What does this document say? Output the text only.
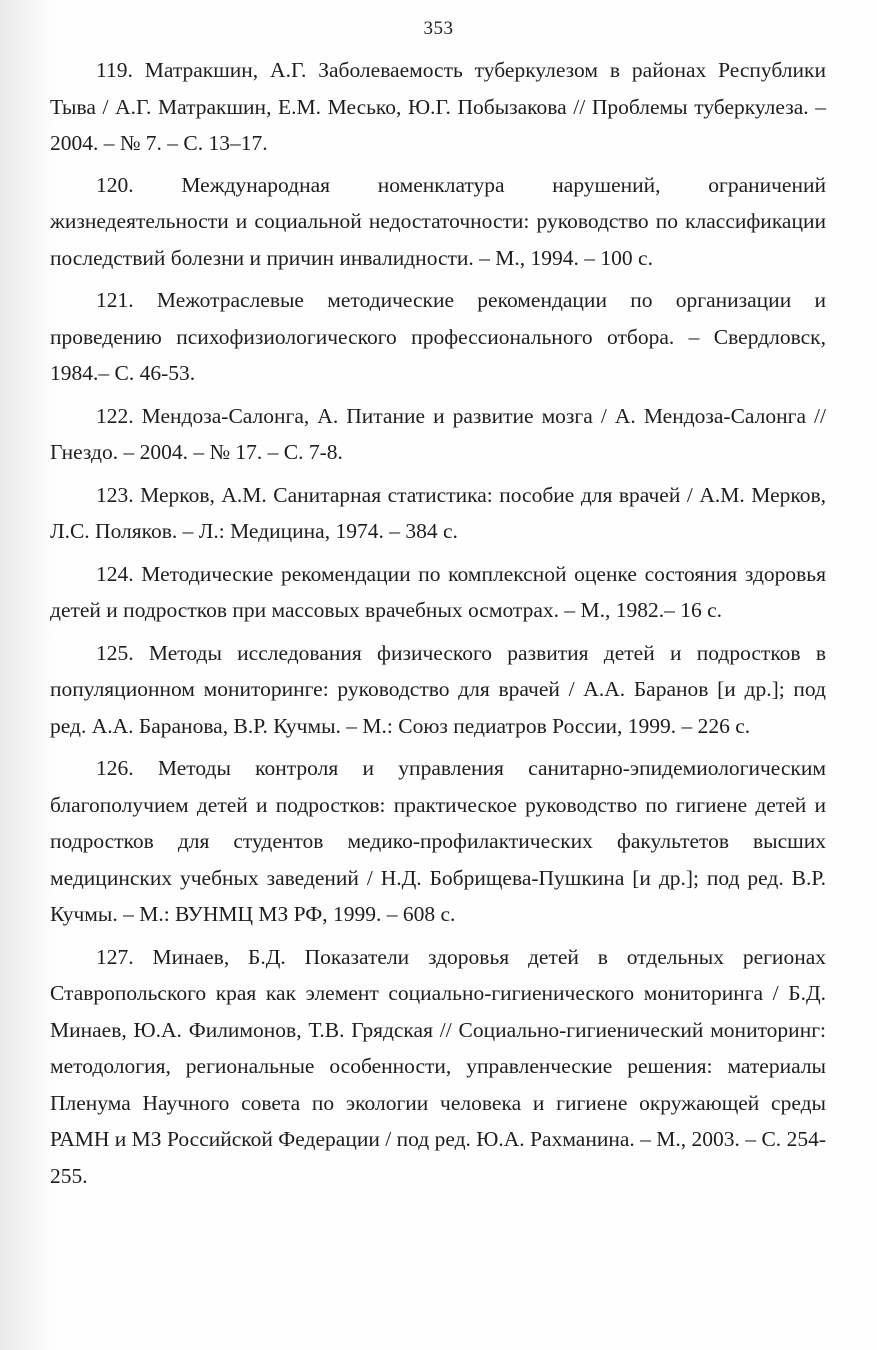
353

119. Матракшин, А.Г. Заболеваемость туберкулезом в районах Республики Тыва / А.Г. Матракшин, Е.М. Месько, Ю.Г. Побызакова // Проблемы туберкулеза. – 2004. – № 7. – С. 13–17.

120. Международная номенклатура нарушений, ограничений жизнедеятельности и социальной недостаточности: руководство по классификации последствий болезни и причин инвалидности. – М., 1994. – 100 с.

121. Межотраслевые методические рекомендации по организации и проведению психофизиологического профессионального отбора. – Свердловск, 1984.– С. 46-53.

122. Мендоза-Салонга, А. Питание и развитие мозга / А. Мендоза-Салонга // Гнездо. – 2004. – № 17. – С. 7-8.

123. Мерков, А.М. Санитарная статистика: пособие для врачей / А.М. Мерков, Л.С. Поляков. – Л.: Медицина, 1974. – 384 с.

124. Методические рекомендации по комплексной оценке состояния здоровья детей и подростков при массовых врачебных осмотрах. – М., 1982.– 16 с.

125. Методы исследования физического развития детей и подростков в популяционном мониторинге: руководство для врачей / А.А. Баранов [и др.]; под ред. А.А. Баранова, В.Р. Кучмы. – М.: Союз педиатров России, 1999. – 226 с.

126. Методы контроля и управления санитарно-эпидемиологическим благополучием детей и подростков: практическое руководство по гигиене детей и подростков для студентов медико-профилактических факультетов высших медицинских учебных заведений / Н.Д. Бобрищева-Пушкина [и др.]; под ред. В.Р. Кучмы. – М.: ВУНМЦ МЗ РФ, 1999. – 608 с.

127. Минаев, Б.Д. Показатели здоровья детей в отдельных регионах Ставропольского края как элемент социально-гигиенического мониторинга / Б.Д. Минаев, Ю.А. Филимонов, Т.В. Грядская // Социально-гигиенический мониторинг: методология, региональные особенности, управленческие решения: материалы Пленума Научного совета по экологии человека и гигиене окружающей среды РАМН и МЗ Российской Федерации / под ред. Ю.А. Рахманина. – М., 2003. – С. 254-255.
